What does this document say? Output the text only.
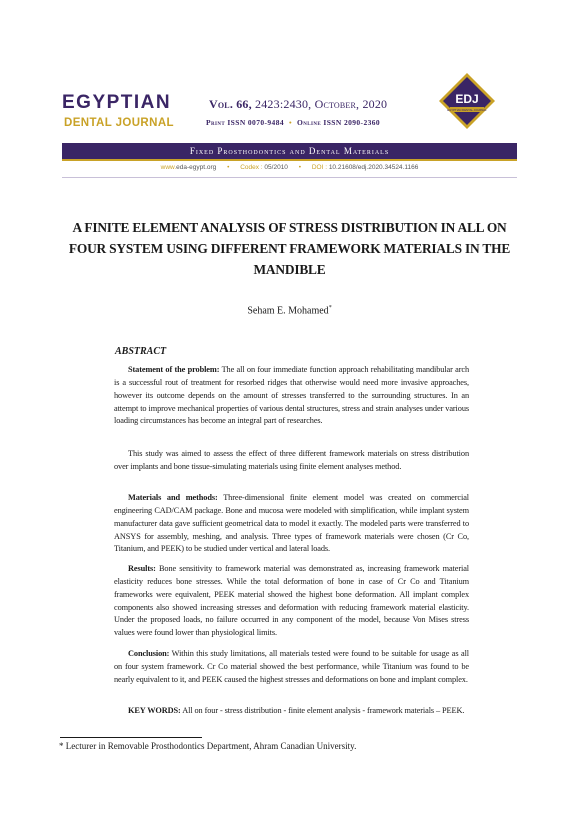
EGYPTIAN
DENTAL JOURNAL
Vol. 66, 2423:2430, October, 2020
Print ISSN 0070-9484 • Online ISSN 2090-2360
EDJ
EGYPTIAN DENTAL JOURNAL
Fixed Prosthodontics and Dental Materials
www.eda-egypt.org • Codex : 05/2010 • DOI : 10.21608/edj.2020.34524.1166
A FINITE ELEMENT ANALYSIS OF STRESS DISTRIBUTION IN ALL ON FOUR SYSTEM USING DIFFERENT FRAMEWORK MATERIALS IN THE MANDIBLE
Seham E. Mohamed*
ABSTRACT
Statement of the problem: The all on four immediate function approach rehabilitating mandibular arch is a successful rout of treatment for resorbed ridges that otherwise would need more invasive approaches, however its outcome depends on the amount of stresses transferred to the surrounding structures. In an attempt to improve mechanical properties of various dental structures, stress and strain analyses under various loading circumstances has become an integral part of researches.
This study was aimed to assess the effect of three different framework materials on stress distribution over implants and bone tissue-simulating materials using finite element analyses method.
Materials and methods: Three-dimensional finite element model was created on commercial engineering CAD/CAM package. Bone and mucosa were modeled with simplification, while implant system manufacturer data gave sufficient geometrical data to model it exactly. The modeled parts were transferred to ANSYS for assembly, meshing, and analysis. Three types of framework materials were chosen (Cr Co, Titanium, and PEEK) to be studied under vertical and lateral loads.
Results: Bone sensitivity to framework material was demonstrated as, increasing framework material elasticity reduces bone stresses. While the total deformation of bone in case of Cr Co and Titanium frameworks were equivalent, PEEK material showed the highest bone deformation. All implant complex components also showed increasing stresses and deformation with reducing framework material elasticity. Under the proposed loads, no failure occurred in any component of the model, because Von Mises stress values were found lower than physiological limits.
Conclusion: Within this study limitations, all materials tested were found to be suitable for usage as all on four system framework. Cr Co material showed the best performance, while Titanium was found to be nearly equivalent to it, and PEEK caused the highest stresses and deformations on bone and implant complex.
KEY WORDS: All on four - stress distribution - finite element analysis - framework materials – PEEK.
* Lecturer in Removable Prosthodontics Department, Ahram Canadian University.
